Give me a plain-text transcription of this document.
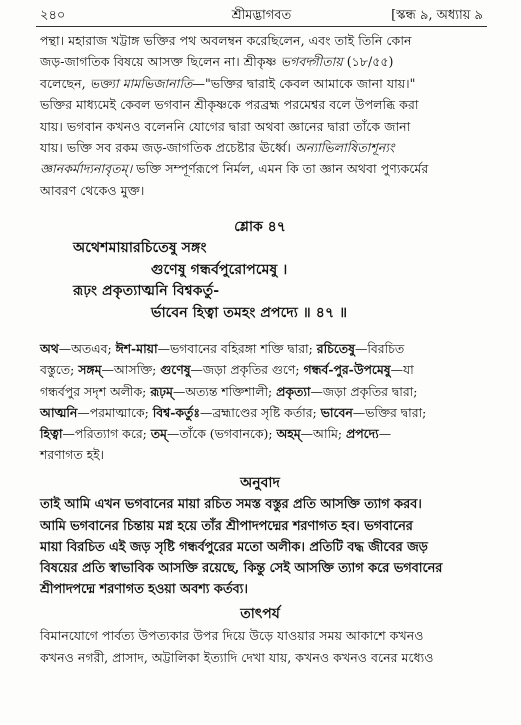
২৪০	শ্রীমদ্ভাগবত	[স্কন্ধ ৯, অধ্যায় ৯

পন্থা। মহারাজ খট্টাঙ্গ ভক্তির পথ অবলম্বন করেছিলেন, এবং তাই তিনি কোন
জড়-জাগতিক বিষয়ে আসক্ত ছিলেন না। শ্রীকৃষ্ণ ভগবদ্গীতায় (১৮/৫৫)
বলেছেন, ভক্ত্যা মামভিজানাতি—"ভক্তির দ্বারাই কেবল আমাকে জানা যায়।"
ভক্তির মাধ্যমেই কেবল ভগবান শ্রীকৃষ্ণকে পরব্রহ্ম পরমেশ্বর বলে উপলব্ধি করা
যায়। ভগবান কখনও বলেননি যোগের দ্বারা অথবা জ্ঞানের দ্বারা তাঁকে জানা
যায়। ভক্তি সব রকম জড়-জাগতিক প্রচেষ্টার ঊর্ধ্বে। অন্যাভিলাষিতাশূন্যং
জ্ঞানকর্মাদ্যনাবৃতম্। ভক্তি সম্পূর্ণরূপে নির্মল, এমন কি তা জ্ঞান অথবা পুণ্যকর্মের
আবরণ থেকেও মুক্ত।

শ্লোক ৪৭

অথেশমায়ারচিতেষু সঙ্গং
গুণেষু গন্ধর্বপুরোপমেষু ।
রূঢ়ং প্রকৃত্যাত্মনি বিশ্বকর্তু-
র্ভাবেন হিত্বা তমহং প্রপদ্যে ॥ ৪৭ ॥
অথ—অতএব; ঈশ-মায়া—ভগবানের বহিরঙ্গা শক্তি দ্বারা; রচিতেষু—বিরচিত
বস্তুতে; সঙ্গম্—আসক্তি; গুণেষু—জড়া প্রকৃতির গুণে; গন্ধর্ব-পুর-উপমেষু—যা
গন্ধর্বপুর সদৃশ অলীক; রূঢ়ম্—অত্যন্ত শক্তিশালী; প্রকৃত্যা—জড়া প্রকৃতির দ্বারা;
আত্মনি—পরমাত্মাকে; বিশ্ব-কর্তুঃ—ব্রহ্মাণ্ডের সৃষ্টি কর্তার; ভাবেন—ভক্তির দ্বারা;
হিত্বা—পরিত্যাগ করে; তম্—তাঁকে (ভগবানকে); অহম্—আমি; প্রপদ্যে—
শরণাগত হই।

অনুবাদ

তাই আমি এখন ভগবানের মায়া রচিত সমস্ত বস্তুর প্রতি আসক্তি ত্যাগ করব।
আমি ভগবানের চিন্তায় মগ্ন হয়ে তাঁর শ্রীপাদপদ্মের শরণাগত হব। ভগবানের
মায়া বিরচিত এই জড় সৃষ্টি গন্ধর্বপুরের মতো অলীক। প্রতিটি বদ্ধ জীবের জড়
বিষয়ের প্রতি স্বাভাবিক আসক্তি রয়েছে, কিন্তু সেই আসক্তি ত্যাগ করে ভগবানের
শ্রীপাদপদ্মে শরণাগত হওয়া অবশ্য কর্তব্য।

তাৎপর্য

বিমানযোগে পার্বত্য উপত্যকার উপর দিয়ে উড়ে যাওয়ার সময় আকাশে কখনও
কখনও নগরী, প্রাসাদ, অট্টালিকা ইত্যাদি দেখা যায়, কখনও কখনও বনের মধ্যেও
